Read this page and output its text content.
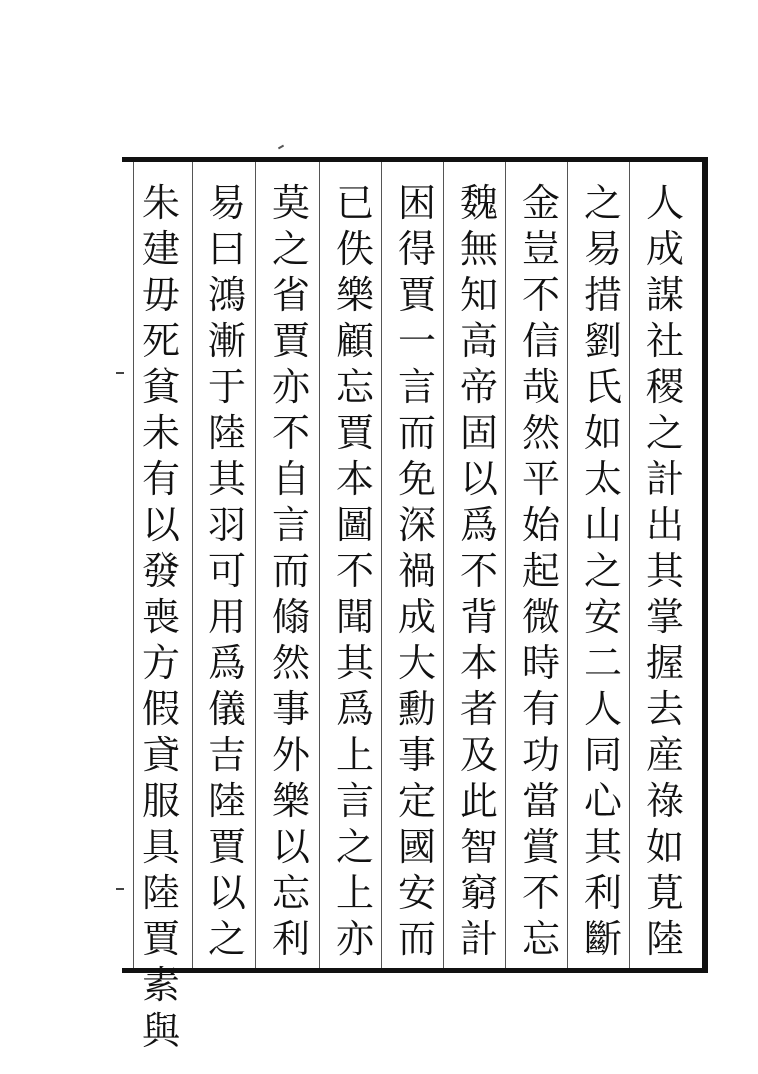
人
成
謀
社
稷
之
計
出
其
掌
握
去
産
祿
如
莧
陸
之
易
措
劉
氏
如
太
山
之
安
二
人
同
心
其
利
斷
金
豈
不
信
哉
然
平
始
起
微
時
有
功
當
賞
不
忘
魏
無
知
高
帝
固
以
爲
不
背
本
者
及
此
智
窮
計
困
得
賈
一
言
而
免
深
禍
成
大
勳
事
定
國
安
而
已
佚
樂
顧
忘
賈
本
圖
不
聞
其
爲
上
言
之
上
亦
莫
之
省
賈
亦
不
自
言
而
翛
然
事
外
樂
以
忘
利
易
曰
鴻
漸
于
陸
其
羽
可
用
爲
儀
吉
陸
賈
以
之
朱
建
毋
死
貧
未
有
以
發
喪
方
假
貣
服
具
陸
賈
素
與
